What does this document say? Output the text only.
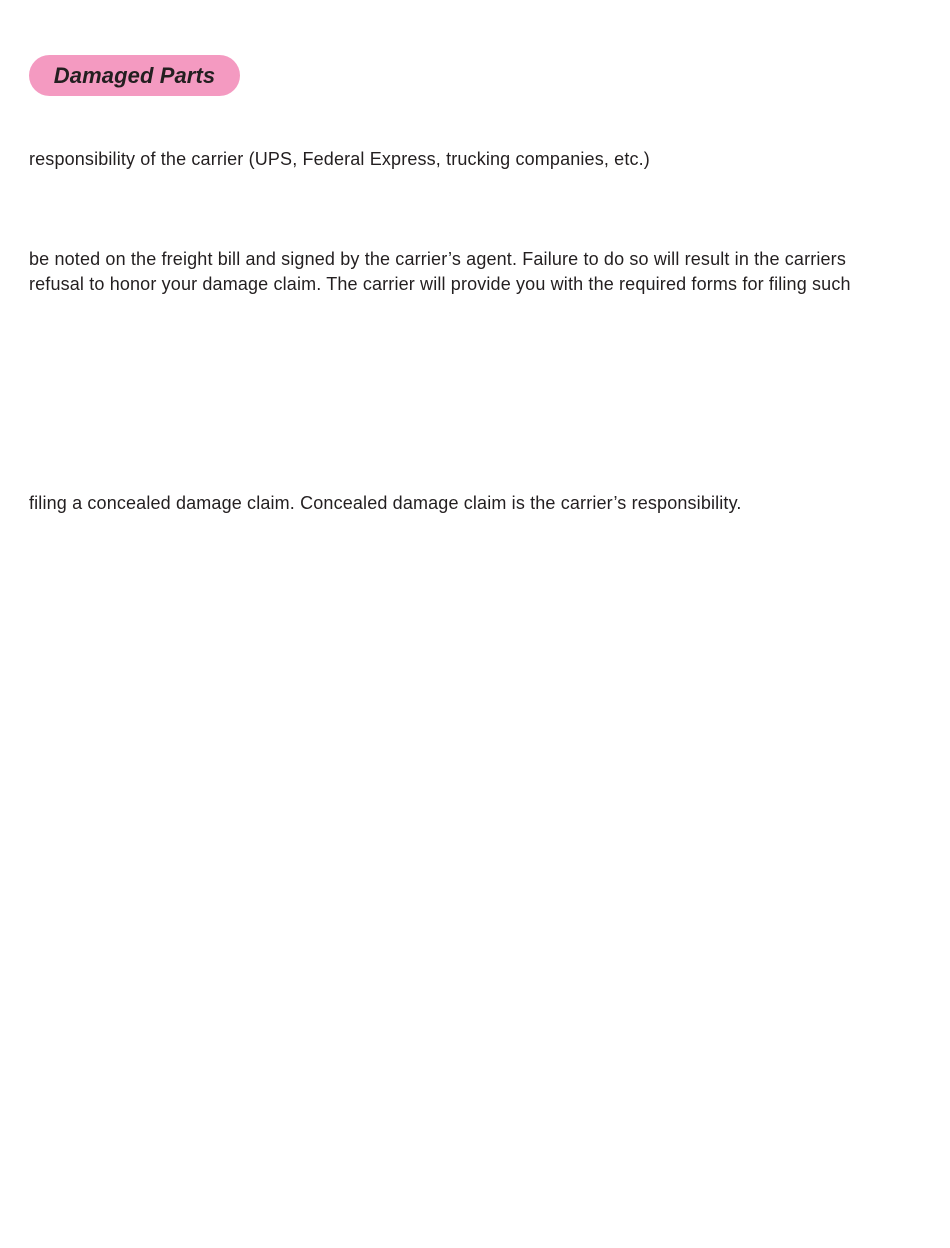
Damaged Parts
responsibility of the carrier (UPS, Federal Express, trucking companies, etc.)
be noted on the freight bill and signed by the carrier’s agent. Failure to do so will result in the carriers
refusal to honor your damage claim. The carrier will provide you with the required forms for filing such
filing a concealed damage claim. Concealed damage claim is the carrier’s responsibility.
